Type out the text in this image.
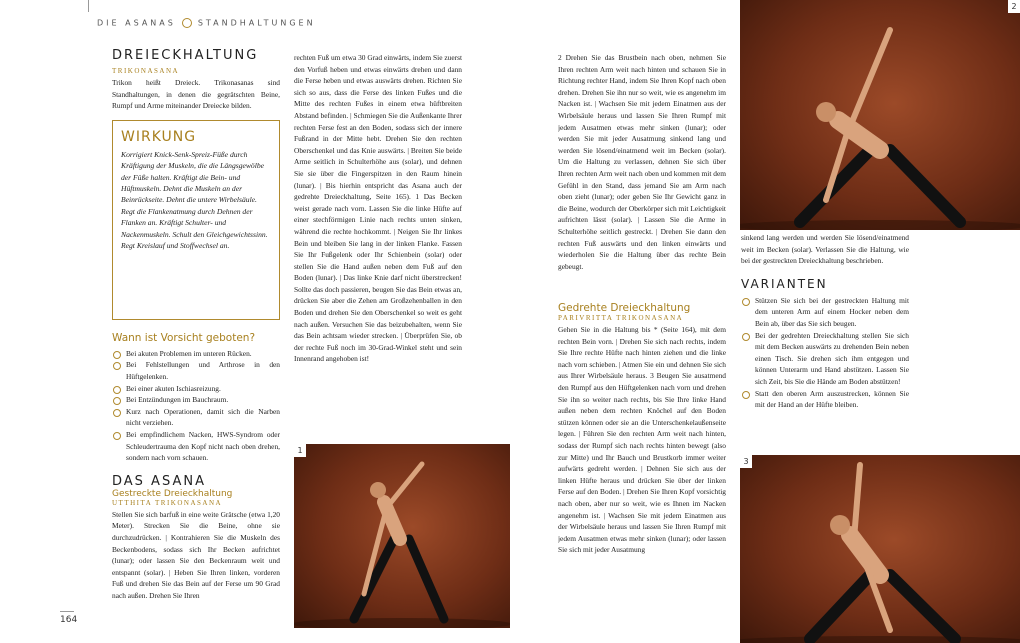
DIE ASANAS	STANDHALTUNGEN
DREIECKHALTUNG
TRIKONASANA
Trikon heißt Dreieck. Trikonasanas sind Standhaltungen, in denen die gegrätschten Beine, Rumpf und Arme miteinander Dreiecke bilden.
WIRKUNG
Korrigiert Knick-Senk-Spreiz-Füße durch Kräftigung der Muskeln, die die Längsgewölbe der Füße halten. Kräftigt die Bein- und Hüftmuskeln. Dehnt die Muskeln an der Beinrückseite. Dehnt die untere Wirbelsäule. Regt die Flankenatmung durch Dehnen der Flanken an. Kräftigt Schulter- und Nackenmuskeln. Schult den Gleichgewichtssinn. Regt Kreislauf und Stoffwechsel an.
Wann ist Vorsicht geboten?
Bei akuten Problemen im unteren Rücken.
Bei Fehlstellungen und Arthrose in den Hüftgelenken.
Bei einer akuten Ischiasreizung.
Bei Entzündungen im Bauchraum.
Kurz nach Operationen, damit sich die Narben nicht verziehen.
Bei empfindlichem Nacken, HWS-Syndrom oder Schleudertrauma den Kopf nicht nach oben drehen, sondern nach vorn schauen.
DAS ASANA
Gestreckte Dreieckhaltung
UTTHITA TRIKONASANA
Stellen Sie sich barfuß in eine weite Grätsche (etwa 1,20 Meter). Strecken Sie die Beine, ohne sie durchzudrücken. | Kontrahieren Sie die Muskeln des Beckenbodens, sodass sich Ihr Becken aufrichtet (lunar); oder lassen Sie den Beckenraum weit und entspannt (solar). | Heben Sie Ihren linken, vorderen Fuß und drehen Sie das Bein auf der Ferse um 90 Grad nach außen. Drehen Sie Ihren
rechten Fuß um etwa 30 Grad einwärts, indem Sie zuerst den Vorfuß heben und etwas einwärts drehen und dann die Ferse heben und etwas auswärts drehen. Richten Sie sich so aus, dass die Ferse des linken Fußes und die Mitte des rechten Fußes in einem etwa hüftbreiten Abstand befinden. | Schmiegen Sie die Außenkante Ihrer rechten Ferse fest an den Boden, sodass sich der innere Fußrand in der Mitte hebt. Drehen Sie den rechten Oberschenkel und das Knie auswärts. | Breiten Sie beide Arme seitlich in Schulterhöhe aus (solar), und dehnen Sie sie über die Fingerspitzen in den Raum hinein (lunar). | Bis hierhin entspricht das Asana auch der gedrehte Dreieckhaltung, Seite 165). 1 Das Becken weist gerade nach vorn. Lassen Sie die linke Hüfte auf einer stechförmigen Linie nach rechts unten sinken, während die rechte hochkommt. | Neigen Sie Ihr linkes Bein und bleiben Sie lang in der linken Flanke. Fassen Sie Ihr Fußgelenk oder Ihr Schienbein (solar) oder stellen Sie die Hand außen neben dem Fuß auf den Boden (lunar). | Das linke Knie darf nicht überstrecken! Sollte das doch passieren, beugen Sie das Bein etwas an, drücken Sie aber die Zehen am Großzehenballen in den Boden und drehen Sie den Oberschenkel so weit es geht nach außen. Versuchen Sie das beizubehalten, wenn Sie das Bein achtsam wieder strecken. | Überprüfen Sie, ob der rechte Fuß noch im 30-Grad-Winkel steht und sein Innenrand angehoben ist!
1
164
2 Drehen Sie das Brustbein nach oben, nehmen Sie Ihren rechten Arm weit nach hinten und schauen Sie in Richtung rechter Hand, indem Sie Ihren Kopf nach oben drehen. Drehen Sie ihn nur so weit, wie es angenehm im Nacken ist. | Wachsen Sie mit jedem Einatmen aus der Wirbelsäule heraus und lassen Sie Ihren Rumpf mit jedem Ausatmen etwas mehr sinken (lunar); oder werden Sie mit jeder Ausatmung sinkend lang und werden Sie lösend/einatmend weit im Becken (solar). Um die Haltung zu verlassen, dehnen Sie sich über Ihren rechten Arm weit nach oben und kommen mit dem Gefühl in den Stand, dass jemand Sie am Arm nach oben zieht (lunar); oder geben Sie Ihr Gewicht ganz in die Beine, wodurch der Oberkörper sich mit Leichtigkeit aufrichten lässt (solar). | Lassen Sie die Arme in Schulterhöhe seitlich gestreckt. | Drehen Sie dann den rechten Fuß auswärts und den linken einwärts und wiederholen Sie die Haltung über das rechte Bein gebeugt.
Gedrehte Dreieckhaltung
PARIVRITTA TRIKONASANA
Gehen Sie in die Haltung bis * (Seite 164), mit dem rechten Bein vorn. | Drehen Sie sich nach rechts, indem Sie Ihre rechte Hüfte nach hinten ziehen und die linke nach vorn schieben. | Atmen Sie ein und dehnen Sie sich aus Ihrer Wirbelsäule heraus. 3 Beugen Sie ausatmend den Rumpf aus den Hüftgelenken nach vorn und drehen Sie ihn so weiter nach rechts, bis Sie Ihre linke Hand außen neben dem rechten Knöchel auf den Boden stützen können oder sie an die Unterschenkelaußenseite legen. | Führen Sie den rechten Arm weit nach hinten, sodass der Rumpf sich nach rechts hinten bewegt (also zur Mitte) und Ihr Bauch und Brustkorb immer weiter aufwärts gedreht werden. | Dehnen Sie sich aus der linken Hüfte heraus und drücken Sie über der linken Ferse auf den Boden. | Drehen Sie Ihren Kopf vorsichtig nach oben, aber nur so weit, wie es Ihnen im Nacken angenehm ist. | Wachsen Sie mit jedem Einatmen aus der Wirbelsäule heraus und lassen Sie Ihren Rumpf mit jedem Ausatmen etwas mehr sinken (lunar); oder lassen Sie sich mit jeder Ausatmung
2
sinkend lang werden und werden Sie lösend/einatmend weit im Becken (solar). Verlassen Sie die Haltung, wie bei der gestreckten Dreieckhaltung beschrieben.
VARIANTEN
Stützen Sie sich bei der gestreckten Haltung mit dem unteren Arm auf einem Hocker neben dem Bein ab, über das Sie sich beugen.
Bei der gedrehten Dreieckhaltung stellen Sie sich mit dem Becken auswärts zu drehenden Bein neben einen Tisch. Sie drehen sich ihm entgegen und können Unterarm und Hand abstützen. Lassen Sie sich Zeit, bis Sie die Hände am Boden abstützen!
Statt den oberen Arm auszustrecken, können Sie mit der Hand an der Hüfte bleiben.
3
